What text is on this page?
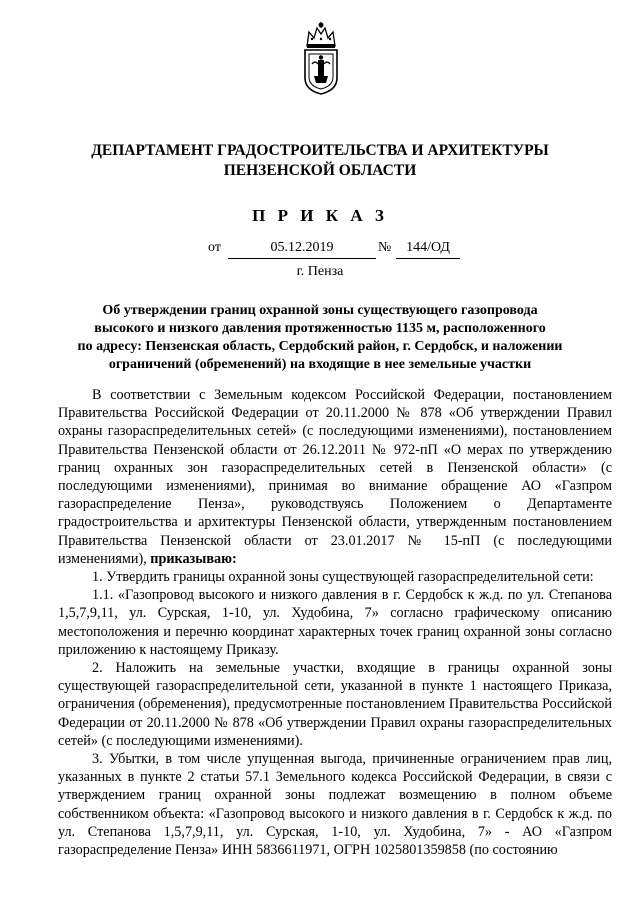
ДЕПАРТАМЕНТ ГРАДОСТРОИТЕЛЬСТВА И АРХИТЕКТУРЫ
ПЕНЗЕНСКОЙ ОБЛАСТИ
П Р И К А З
от	05.12.2019	№	144/ОД
г. Пенза
Об утверждении границ охранной зоны существующего газопровода
высокого и низкого давления протяженностью 1135 м, расположенного
по адресу: Пензенская область, Сердобский район, г. Сердобск, и наложении
ограничений (обременений) на входящие в нее земельные участки

В соответствии с Земельным кодексом Российской Федерации, постановлением Правительства Российской Федерации от 20.11.2000 № 878 «Об утверждении Правил охраны газораспределительных сетей» (с последующими изменениями), постановлением Правительства Пензенской области от 26.12.2011 № 972-пП «О мерах по утверждению границ охранных зон газораспределительных сетей в Пензенской области» (с последующими изменениями), принимая во внимание обращение АО «Газпром газораспределение Пенза», руководствуясь Положением о Департаменте градостроительства и архитектуры Пензенской области, утвержденным постановлением Правительства Пензенской области от 23.01.2017 № 15-пП (с последующими изменениями), приказываю:

1. Утвердить границы охранной зоны существующей газораспределительной сети:

1.1. «Газопровод высокого и низкого давления в г. Сердобск к ж.д. по ул. Степанова 1,5,7,9,11, ул. Сурская, 1-10, ул. Худобина, 7» согласно графическому описанию местоположения и перечню координат характерных точек границ охранной зоны согласно приложению к настоящему Приказу.

2. Наложить на земельные участки, входящие в границы охранной зоны существующей газораспределительной сети, указанной в пункте 1 настоящего Приказа, ограничения (обременения), предусмотренные постановлением Правительства Российской Федерации от 20.11.2000 № 878 «Об утверждении Правил охраны газораспределительных сетей» (с последующими изменениями).

3. Убытки, в том числе упущенная выгода, причиненные ограничением прав лиц, указанных в пункте 2 статьи 57.1 Земельного кодекса Российской Федерации, в связи с утверждением границ охранной зоны подлежат возмещению в полном объеме собственником объекта: «Газопровод высокого и низкого давления в г. Сердобск к ж.д. по ул. Степанова 1,5,7,9,11, ул. Сурская, 1-10, ул. Худобина, 7» - АО «Газпром газораспределение Пенза» ИНН 5836611971, ОГРН 1025801359858 (по состоянию
